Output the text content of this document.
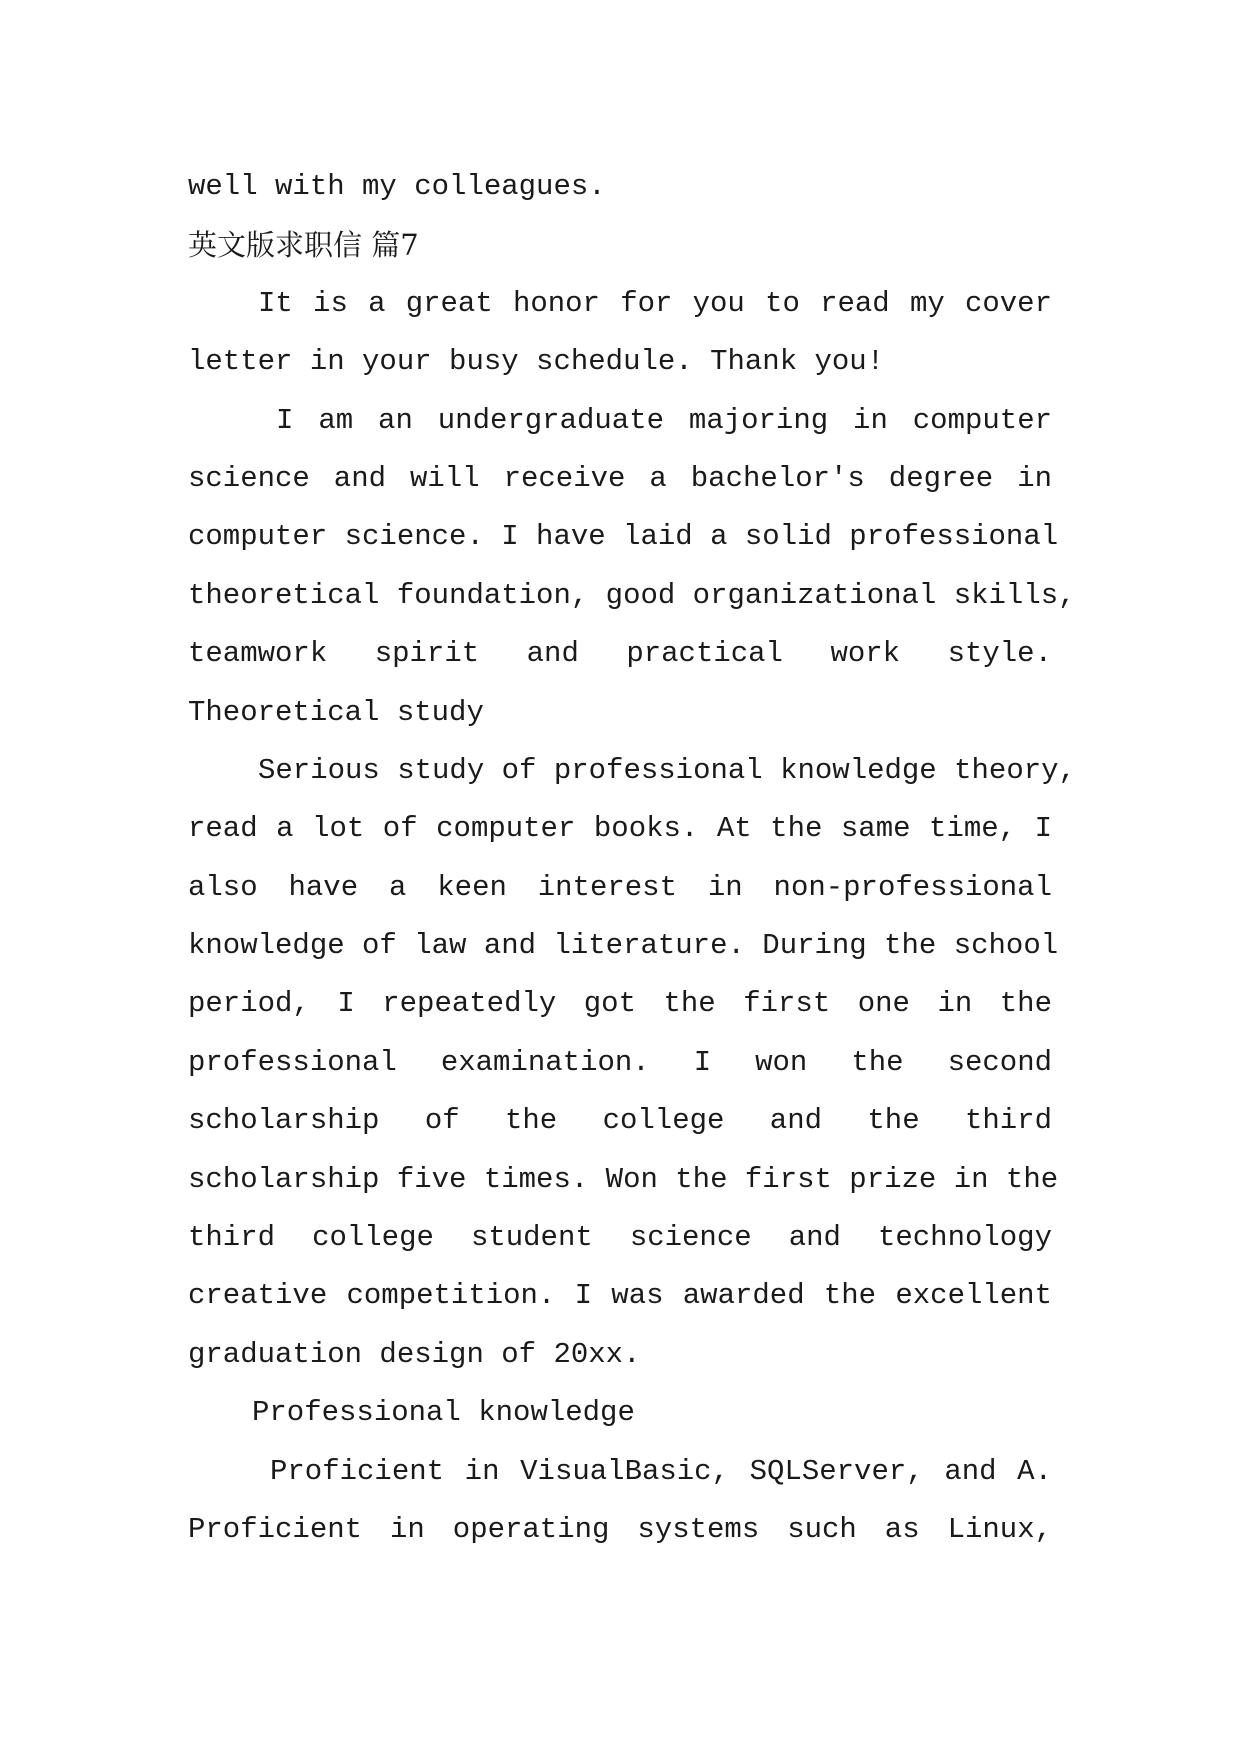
well with my colleagues.
英文版求职信 篇7
It is a great honor for you to read my cover
letter in your busy schedule. Thank you!
I am an undergraduate majoring in computer
science and will receive a bachelor's degree in
computer science. I have laid a solid professional
theoretical foundation, good organizational skills,
teamwork spirit and practical work style.
Theoretical study
Serious study of professional knowledge theory,
read a lot of computer books. At the same time, I
also have a keen interest in non-professional
knowledge of law and literature. During the school
period, I repeatedly got the first one in the
professional examination. I won the second
scholarship of the college and the third
scholarship five times. Won the first prize in the
third college student science and technology
creative competition. I was awarded the excellent
graduation design of 20xx.
Professional knowledge
Proficient in VisualBasic, SQLServer, and A.
Proficient in operating systems such as Linux,
